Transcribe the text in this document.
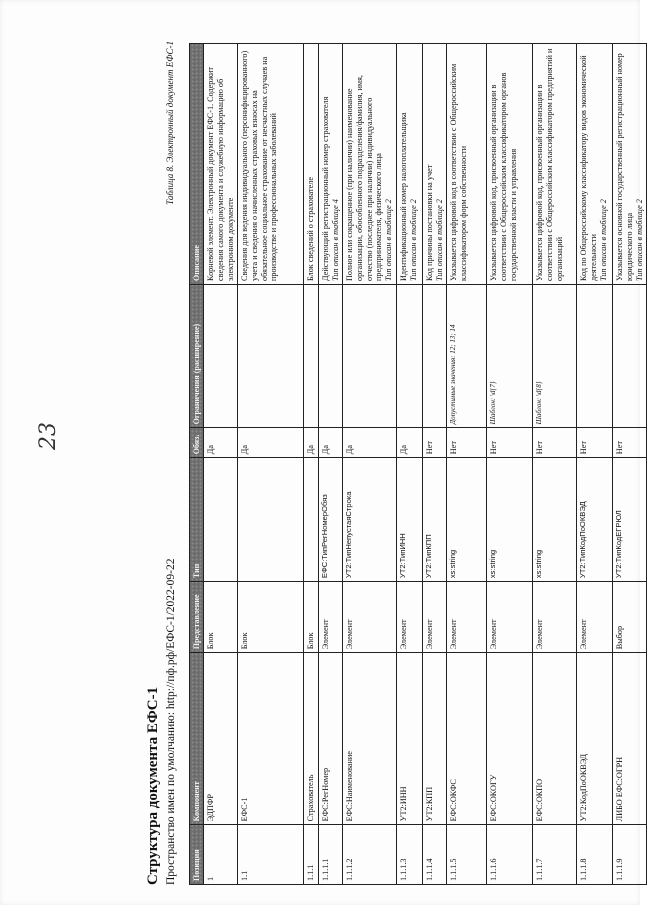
23
Структура документа ЕФС-1 Пространство имен по умолчанию: http://пф.рф/ЕФС-1/2022-09-22
Таблица 8. Электронный документ ЕФС-1
Позиция	Компонент	Представление	Тип	Обяз.	Ограничения (расширение)	Описание
1	ЭДПФР	Блок		Да		Корневой элемент. Электронный документ ЕФС-1. Содержит сведения самого документа и служебную информацию об электронном документе
1.1	ЕФС-1	Блок		Да		Сведения для ведения индивидуального (персонифицированного) учета и сведения о начисленных страховых взносах на обязательное социальное страхование от несчастных случаев на производстве и профессиональных заболеваний
1.1.1	Страхователь	Блок		Да		Блок сведений о страхователе
1.1.1.1	ЕФС:РегНомер	Элемент	ЕФС:ТипРегНомерОбяз	Да		Действующий регистрационный номер страхователя
Тип описан в таблице 4
1.1.1.2	ЕФС:Наименование	Элемент	УТ2:ТипНепустаяСтрока	Да		Полное или сокращенное (при наличии) наименование организации, обособленного подразделения/фамилия, имя, отчество (последнее при наличии) индивидуального предпринимателя, физического лица
Тип описан в таблице 2
1.1.1.3	УТ2:ИНН	Элемент	УТ2:ТипИНН	Да		Идентификационный номер налогоплательщика
Тип описан в таблице 2
1.1.1.4	УТ2:КПП	Элемент	УТ2:ТипКПП	Нет		Код причины постановки на учет
Тип описан в таблице 2
1.1.1.5	ЕФС:ОКФС	Элемент	xs:string	Нет	Допустимые значения: 12; 13; 14	Указывается цифровой код в соответствии с Общероссийским классификатором форм собственности
1.1.1.6	ЕФС:ОКОГУ	Элемент	xs:string	Нет	Шаблон: \d{7}	Указывается цифровой код, присвоенный организации в соответствии с Общероссийским классификатором органов государственной власти и управления
1.1.1.7	ЕФС:ОКПО	Элемент	xs:string	Нет	Шаблон: \d{8}	Указывается цифровой код, присвоенный организации в соответствии с Общероссийским классификатором предприятий и организаций
1.1.1.8	УТ2:КодПоОКВЭД	Элемент	УТ2:ТипКодПоОКВЭД	Нет		Код по Общероссийскому классификатору видов экономической деятельности
Тип описан в таблице 2
1.1.1.9	ЛИБО ЕФС:ОГРН	Выбор	УТ2:ТипКодЕГРЮЛ	Нет		Указывается основной государственный регистрационный номер юридического лица
Тип описан в таблице 2
